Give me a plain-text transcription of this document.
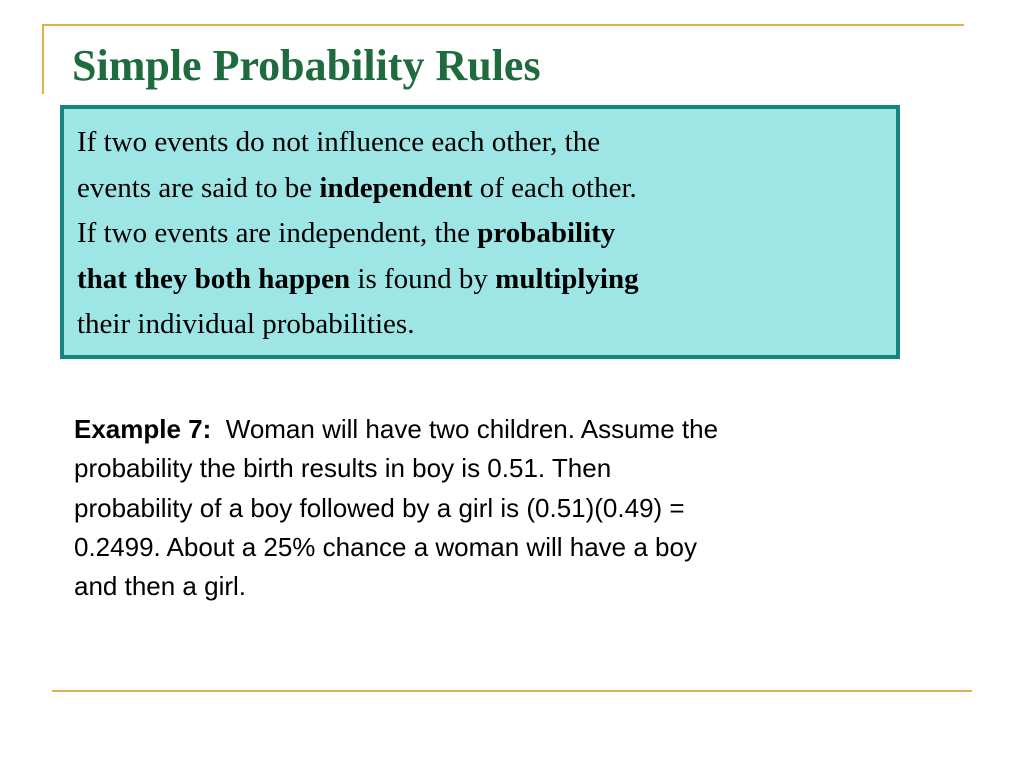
Simple Probability Rules
If two events do not influence each other, the
events are said to be independent of each other.
If two events are independent, the probability
that they both happen is found by multiplying
their individual probabilities.
Example 7:  Woman will have two children. Assume the
probability the birth results in boy is 0.51. Then
probability of a boy followed by a girl is (0.51)(0.49) =
0.2499. About a 25% chance a woman will have a boy
and then a girl.
